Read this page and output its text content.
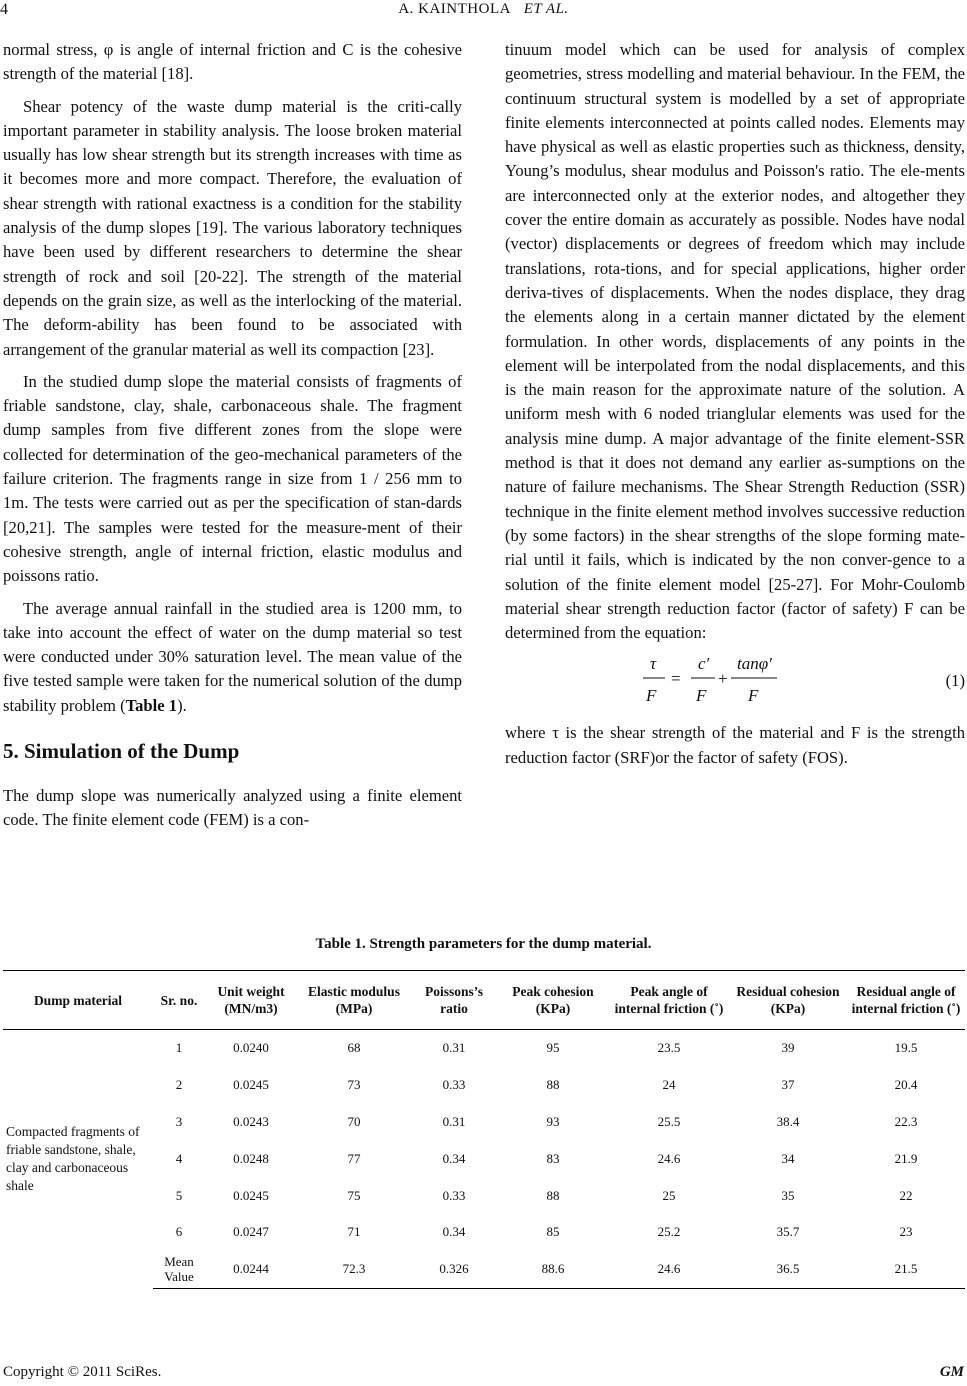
4	A. KAINTHOLA ET AL.

normal stress, φ is angle of internal friction and C is the cohesive strength of the material [18].

Shear potency of the waste dump material is the criti-cally important parameter in stability analysis. The loose broken material usually has low shear strength but its strength increases with time as it becomes more and more compact. Therefore, the evaluation of shear strength with rational exactness is a condition for the stability analysis of the dump slopes [19]. The various laboratory techniques have been used by different researchers to determine the shear strength of rock and soil [20-22]. The strength of the material depends on the grain size, as well as the interlocking of the material. The deform-ability has been found to be associated with arrangement of the granular material as well its compaction [23].

In the studied dump slope the material consists of fragments of friable sandstone, clay, shale, carbonaceous shale. The fragment dump samples from five different zones from the slope were collected for determination of the geo-mechanical parameters of the failure criterion. The fragments range in size from 1 / 256 mm to 1m. The tests were carried out as per the specification of stan-dards [20,21]. The samples were tested for the measure-ment of their cohesive strength, angle of internal friction, elastic modulus and poissons ratio.

The average annual rainfall in the studied area is 1200 mm, to take into account the effect of water on the dump material so test were conducted under 30% saturation level. The mean value of the five tested sample were taken for the numerical solution of the dump stability problem (Table 1).

5. Simulation of the Dump

The dump slope was numerically analyzed using a finite element code. The finite element code (FEM) is a con-

tinuum model which can be used for analysis of complex geometries, stress modelling and material behaviour. In the FEM, the continuum structural system is modelled by a set of appropriate finite elements interconnected at points called nodes. Elements may have physical as well as elastic properties such as thickness, density, Young’s modulus, shear modulus and Poisson's ratio. The ele-ments are interconnected only at the exterior nodes, and altogether they cover the entire domain as accurately as possible. Nodes have nodal (vector) displacements or degrees of freedom which may include translations, rota-tions, and for special applications, higher order deriva-tives of displacements. When the nodes displace, they drag the elements along in a certain manner dictated by the element formulation. In other words, displacements of any points in the element will be interpolated from the nodal displacements, and this is the main reason for the approximate nature of the solution. A uniform mesh with 6 noded trianglular elements was used for the analysis mine dump. A major advantage of the finite element-SSR method is that it does not demand any earlier as-sumptions on the nature of failure mechanisms. The Shear Strength Reduction (SSR) technique in the finite element method involves successive reduction (by some factors) in the shear strengths of the slope forming mate-rial until it fails, which is indicated by the non conver-gence to a solution of the finite element model [25-27]. For Mohr-Coulomb material shear strength reduction factor (factor of safety) F can be determined from the equation:

τ
F
=
c′
F
+
tanφ′
F
(1)

where τ is the shear strength of the material and F is the strength reduction factor (SRF)or the factor of safety (FOS).

Table 1. Strength parameters for the dump material.
Dump material	Sr. no.	Unit weight (MN/m3)	Elastic modulus (MPa)	Poissons’s ratio	Peak cohesion (KPa)	Peak angle of internal friction (˚)	Residual cohesion (KPa)	Residual angle of internal friction (˚)
Compacted fragments of friable sandstone, shale, clay and carbonaceous shale	1	0.0240	68	0.31	95	23.5	39	19.5
	2	0.0245	73	0.33	88	24	37	20.4
	3	0.0243	70	0.31	93	25.5	38.4	22.3
	4	0.0248	77	0.34	83	24.6	34	21.9
	5	0.0245	75	0.33	88	25	35	22
	6	0.0247	71	0.34	85	25.2	35.7	23
	Mean Value	0.0244	72.3	0.326	88.6	24.6	36.5	21.5
Copyright © 2011 SciRes.	GM
